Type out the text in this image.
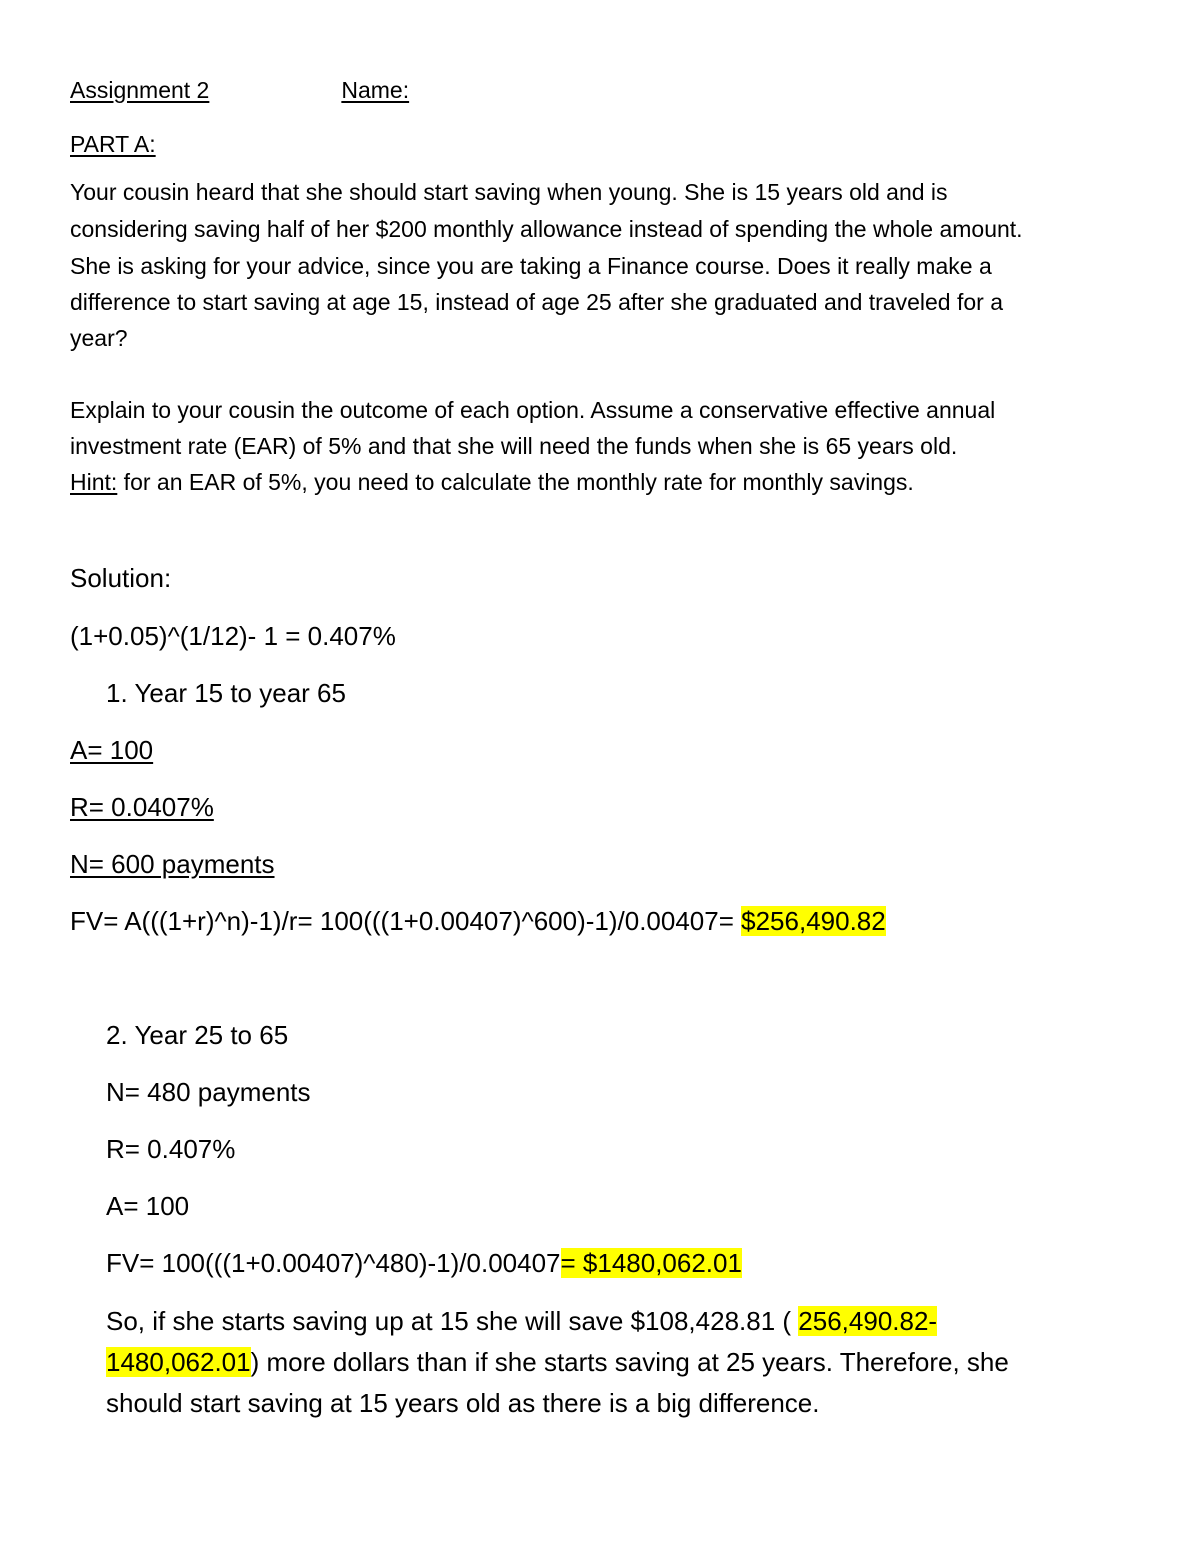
Assignment 2	Name:
PART A:
Your cousin heard that she should start saving when young. She is 15 years old and is
considering saving half of her $200 monthly allowance instead of spending the whole amount.
She is asking for your advice, since you are taking a Finance course. Does it really make a
difference to start saving at age 15, instead of age 25 after she graduated and traveled for a
year?
Explain to your cousin the outcome of each option. Assume a conservative effective annual
investment rate (EAR) of 5% and that she will need the funds when she is 65 years old.
Hint: for an EAR of 5%, you need to calculate the monthly rate for monthly savings.
Solution:
(1+0.05)^(1/12)- 1 = 0.407%
1. Year 15 to year 65
A= 100
R= 0.0407%
N= 600 payments
FV= A(((1+r)^n)-1)/r= 100(((1+0.00407)^600)-1)/0.00407= $256,490.82
2. Year 25 to 65
N= 480 payments
R= 0.407%
A= 100
FV= 100(((1+0.00407)^480)-1)/0.00407= $1480,062.01
So, if she starts saving up at 15 she will save $108,428.81 ( 256,490.82-
1480,062.01) more dollars than if she starts saving at 25 years. Therefore, she
should start saving at 15 years old as there is a big difference.
